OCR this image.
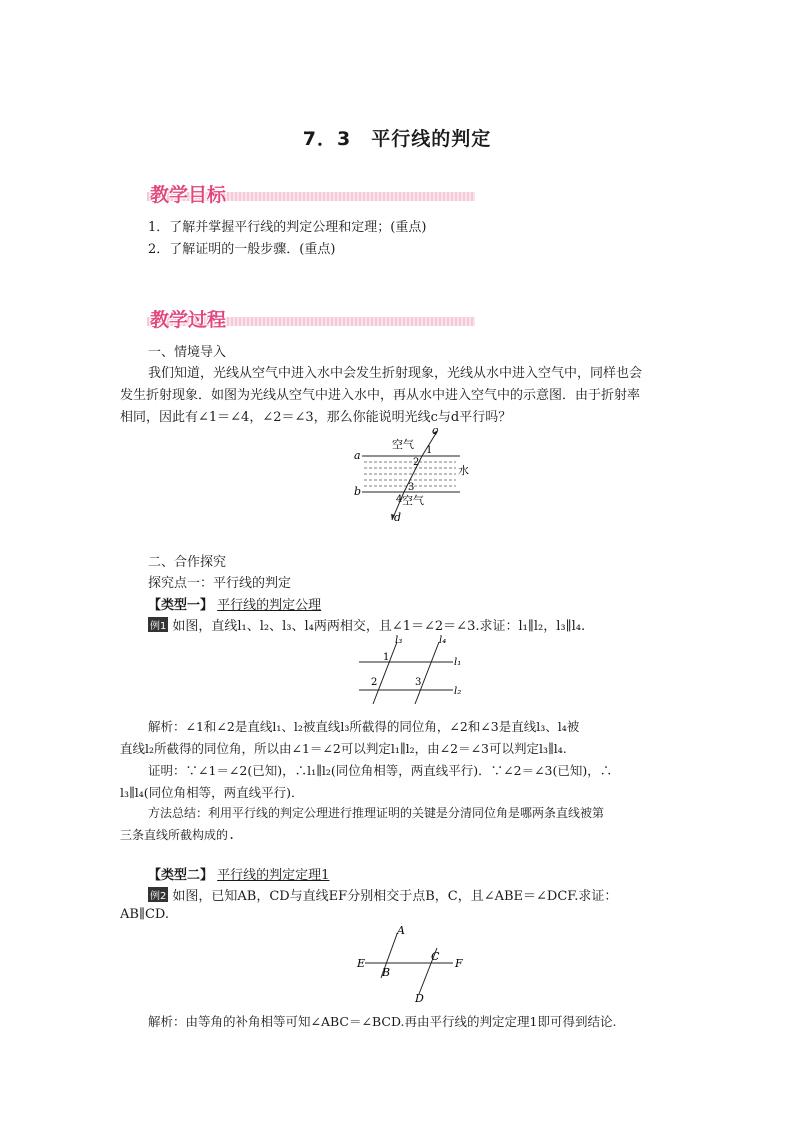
7．3　平行线的判定
教学目标
1．了解并掌握平行线的判定公理和定理；(重点)
2．了解证明的一般步骤．(重点)
教学过程
一、情境导入
我们知道，光线从空气中进入水中会发生折射现象，光线从水中进入空气中，同样也会
发生折射现象．如图为光线从空气中进入水中，再从水中进入空气中的示意图．由于折射率
相同，因此有∠1＝∠4，∠2＝∠3，那么你能说明光线c与d平行吗？
空气
水
空气
a
b
c
d
1
2
3
4
二、合作探究
探究点一：平行线的判定
【类型一】 平行线的判定公理
例1 如图，直线l₁、l₂、l₃、l₄两两相交，且∠1＝∠2＝∠3.求证：l₁∥l₂，l₃∥l₄.
l₃	l₄
l₁
l₂
1
2	3
解析：∠1和∠2是直线l₁、l₂被直线l₃所截得的同位角，∠2和∠3是直线l₃、l₄被
直线l₂所截得的同位角，所以由∠1＝∠2可以判定l₁∥l₂，由∠2＝∠3可以判定l₃∥l₄.
证明：∵∠1＝∠2(已知)，∴l₁∥l₂(同位角相等，两直线平行)．∵∠2＝∠3(已知)，∴
l₃∥l₄(同位角相等，两直线平行)．
方法总结：利用平行线的判定公理进行推理证明的关键是分清同位角是哪两条直线被第
三条直线所截构成的.
【类型二】 平行线的判定定理1
例2 如图，已知AB，CD与直线EF分别相交于点B，C，且∠ABE＝∠DCF.求证：
AB∥CD.
A
B
C
D
E	F
解析：由等角的补角相等可知∠ABC＝∠BCD.再由平行线的判定定理1即可得到结论.
